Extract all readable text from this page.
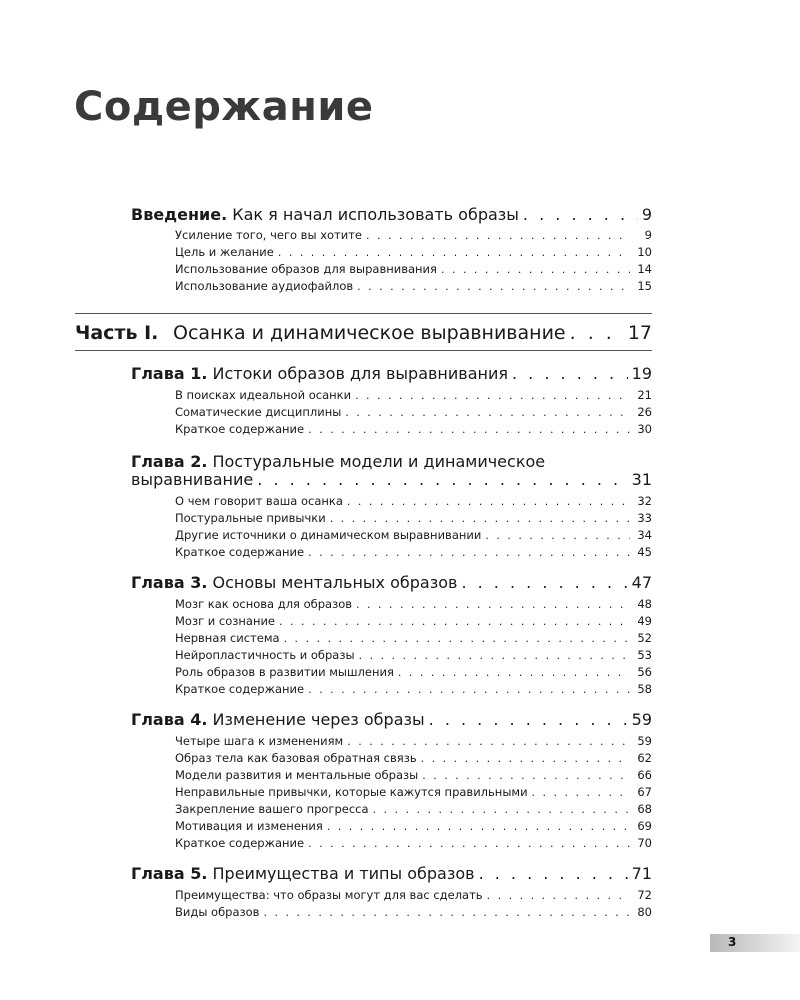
Содержание
Введение. Как я начал использовать образы . . .	9
Усиление того, чего вы хотите . . .	9
Цель и желание . . .	10
Использование образов для выравнивания . . .	14
Использование аудиофайлов . . .	15
Часть I. Осанка и динамическое выравнивание . . .	17
Глава 1. Истоки образов для выравнивания . . .	19
В поисках идеальной осанки . . .	21
Соматические дисциплины . . .	26
Краткое содержание . . .	30
Глава 2. Постуральные модели и динамическое
выравнивание . . .	31
О чем говорит ваша осанка . . .	32
Постуральные привычки . . .	33
Другие источники о динамическом выравнивании . . .	34
Краткое содержание . . .	45
Глава 3. Основы ментальных образов . . .	47
Мозг как основа для образов . . .	48
Мозг и сознание . . .	49
Нервная система . . .	52
Нейропластичность и образы . . .	53
Роль образов в развитии мышления . . .	56
Краткое содержание . . .	58
Глава 4. Изменение через образы . . .	59
Четыре шага к изменениям . . .	59
Образ тела как базовая обратная связь . . .	62
Модели развития и ментальные образы . . .	66
Неправильные привычки, которые кажутся правильными . . .	67
Закрепление вашего прогресса . . .	68
Мотивация и изменения . . .	69
Краткое содержание . . .	70
Глава 5. Преимущества и типы образов . . .	71
Преимущества: что образы могут для вас сделать . . .	72
Виды образов . . .	80
3
